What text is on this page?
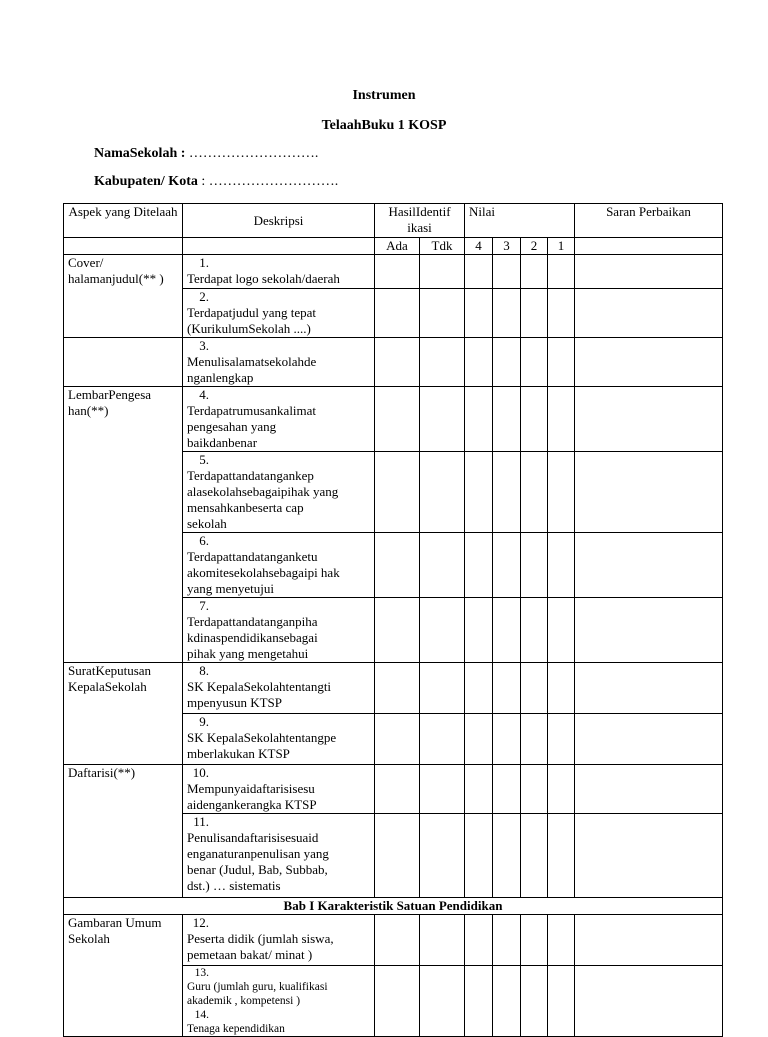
Instrumen
TelaahBuku 1 KOSP
NamaSekolah : ……………………….
Kabupaten/ Kota : ……………………….
Aspek yang Ditelaah	Deskripsi	HasilIdentif ikasi		Nilai				Saran Perbaikan
		Ada	Tdk	4	3	2	1	
Cover/ halamanjudul(** )	1.Terdapat logo sekolah/daerah							
	2.Terdapatjudul yang tepat (KurikulumSekolah ....)							
	3.Menulisalamatsekolahde nganlengkap							
LembarPengesa han(**)	4.Terdapatrumusankalimat pengesahan yang baikdanbenar							
	5.Terdapattandatangankep alasekolahsebagaipihak yang mensahkanbeserta cap sekolah							
	6.Terdapattandatanganketu akomitesekolahsebagaipi hak yang menyetujui							
	7.Terdapattandatanganpiha kdinaspendidikansebagai pihak yang mengetahui							
SuratKeputusan KepalaSekolah	8.SK KepalaSekolahtentangti mpenyusun KTSP							
	9.SK KepalaSekolahtentangpe mberlakukan KTSP							
Daftarisi(**)	10.Mempunyaidaftarisisesu aidengankerangka KTSP							
	11.Penulisandaftarisisesuaid enganaturanpenulisan yang benar (Judul, Bab, Subbab, dst.) … sistematis							
Bab I Karakteristik Satuan Pendidikan								
Gambaran Umum Sekolah	12.Peserta didik (jumlah siswa, pemetaan bakat/ minat )							

	13.Guru (jumlah guru, kualifikasi akademik , kompetensi )
14.Tenaga kependidikan							
